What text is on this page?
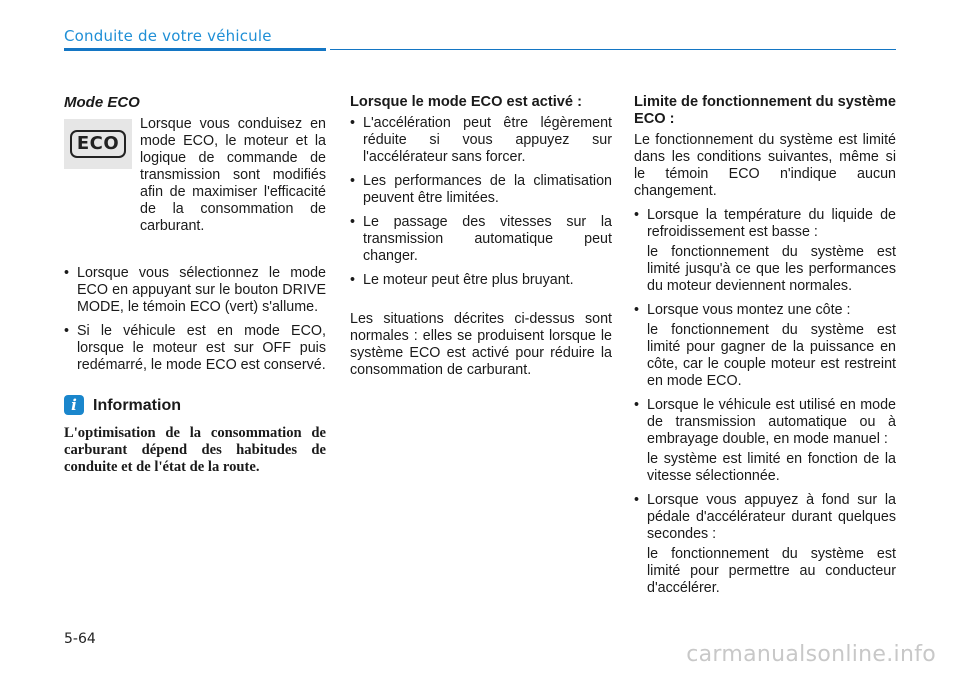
Conduite de votre véhicule
Mode ECO
ECO
Lorsque vous conduisez en mode ECO, le moteur et la logique de commande de transmission sont modifiés afin de maximiser l'efficacité de la consommation de carburant.
• Lorsque vous sélectionnez le mode ECO en appuyant sur le bouton DRIVE MODE, le témoin ECO (vert) s'allume.
• Si le véhicule est en mode ECO, lorsque le moteur est sur OFF puis redémarré, le mode ECO est conservé.
i	Information
L'optimisation de la consommation de carburant dépend des habitudes de conduite et de l'état de la route.
Lorsque le mode ECO est activé :
• L'accélération peut être légèrement réduite si vous appuyez sur l'accélérateur sans forcer.
• Les performances de la climatisation peuvent être limitées.
• Le passage des vitesses sur la transmission automatique peut changer.
• Le moteur peut être plus bruyant.
Les situations décrites ci-dessus sont normales : elles se produisent lorsque le système ECO est activé pour réduire la consommation de carburant.
Limite de fonctionnement du système ECO :
Le fonctionnement du système est limité dans les conditions suivantes, même si le témoin ECO n'indique aucun changement.
• Lorsque la température du liquide de refroidissement est basse :
le fonctionnement du système est limité jusqu'à ce que les performances du moteur deviennent normales.
• Lorsque vous montez une côte :
le fonctionnement du système est limité pour gagner de la puissance en côte, car le couple moteur est restreint en mode ECO.
• Lorsque le véhicule est utilisé en mode de transmission automatique ou à embrayage double, en mode manuel :
le système est limité en fonction de la vitesse sélectionnée.
• Lorsque vous appuyez à fond sur la pédale d'accélérateur durant quelques secondes :
le fonctionnement du système est limité pour permettre au conducteur d'accélérer.
5-64
carmanualsonline.info
